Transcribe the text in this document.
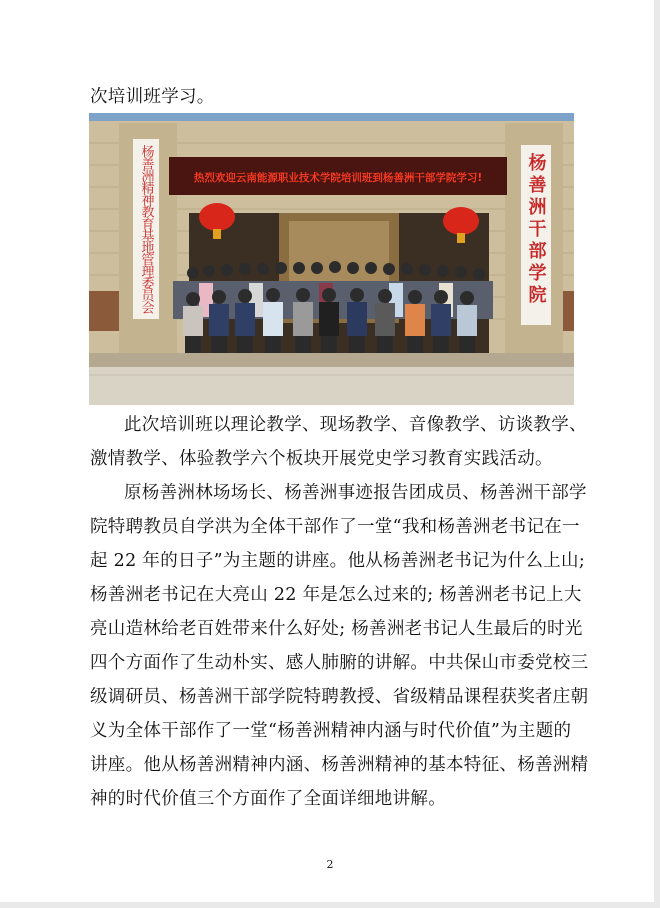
次培训班学习。
热烈欢迎云南能源职业技术学院培训班到杨善洲干部学院学习!
杨善洲精神教育基地管理委员会	杨善洲干部学院
此次培训班以理论教学、现场教学、音像教学、访谈教学、
激情教学、体验教学六个板块开展党史学习教育实践活动。
原杨善洲林场场长、杨善洲事迹报告团成员、杨善洲干部学
院特聘教员自学洪为全体干部作了一堂“我和杨善洲老书记在一
起 22 年的日子”为主题的讲座。他从杨善洲老书记为什么上山;
杨善洲老书记在大亮山 22 年是怎么过来的; 杨善洲老书记上大
亮山造林给老百姓带来什么好处; 杨善洲老书记人生最后的时光
四个方面作了生动朴实、感人肺腑的讲解。中共保山市委党校三
级调研员、杨善洲干部学院特聘教授、省级精品课程获奖者庄朝
义为全体干部作了一堂“杨善洲精神内涵与时代价值”为主题的
讲座。他从杨善洲精神内涵、杨善洲精神的基本特征、杨善洲精
神的时代价值三个方面作了全面详细地讲解。
2
